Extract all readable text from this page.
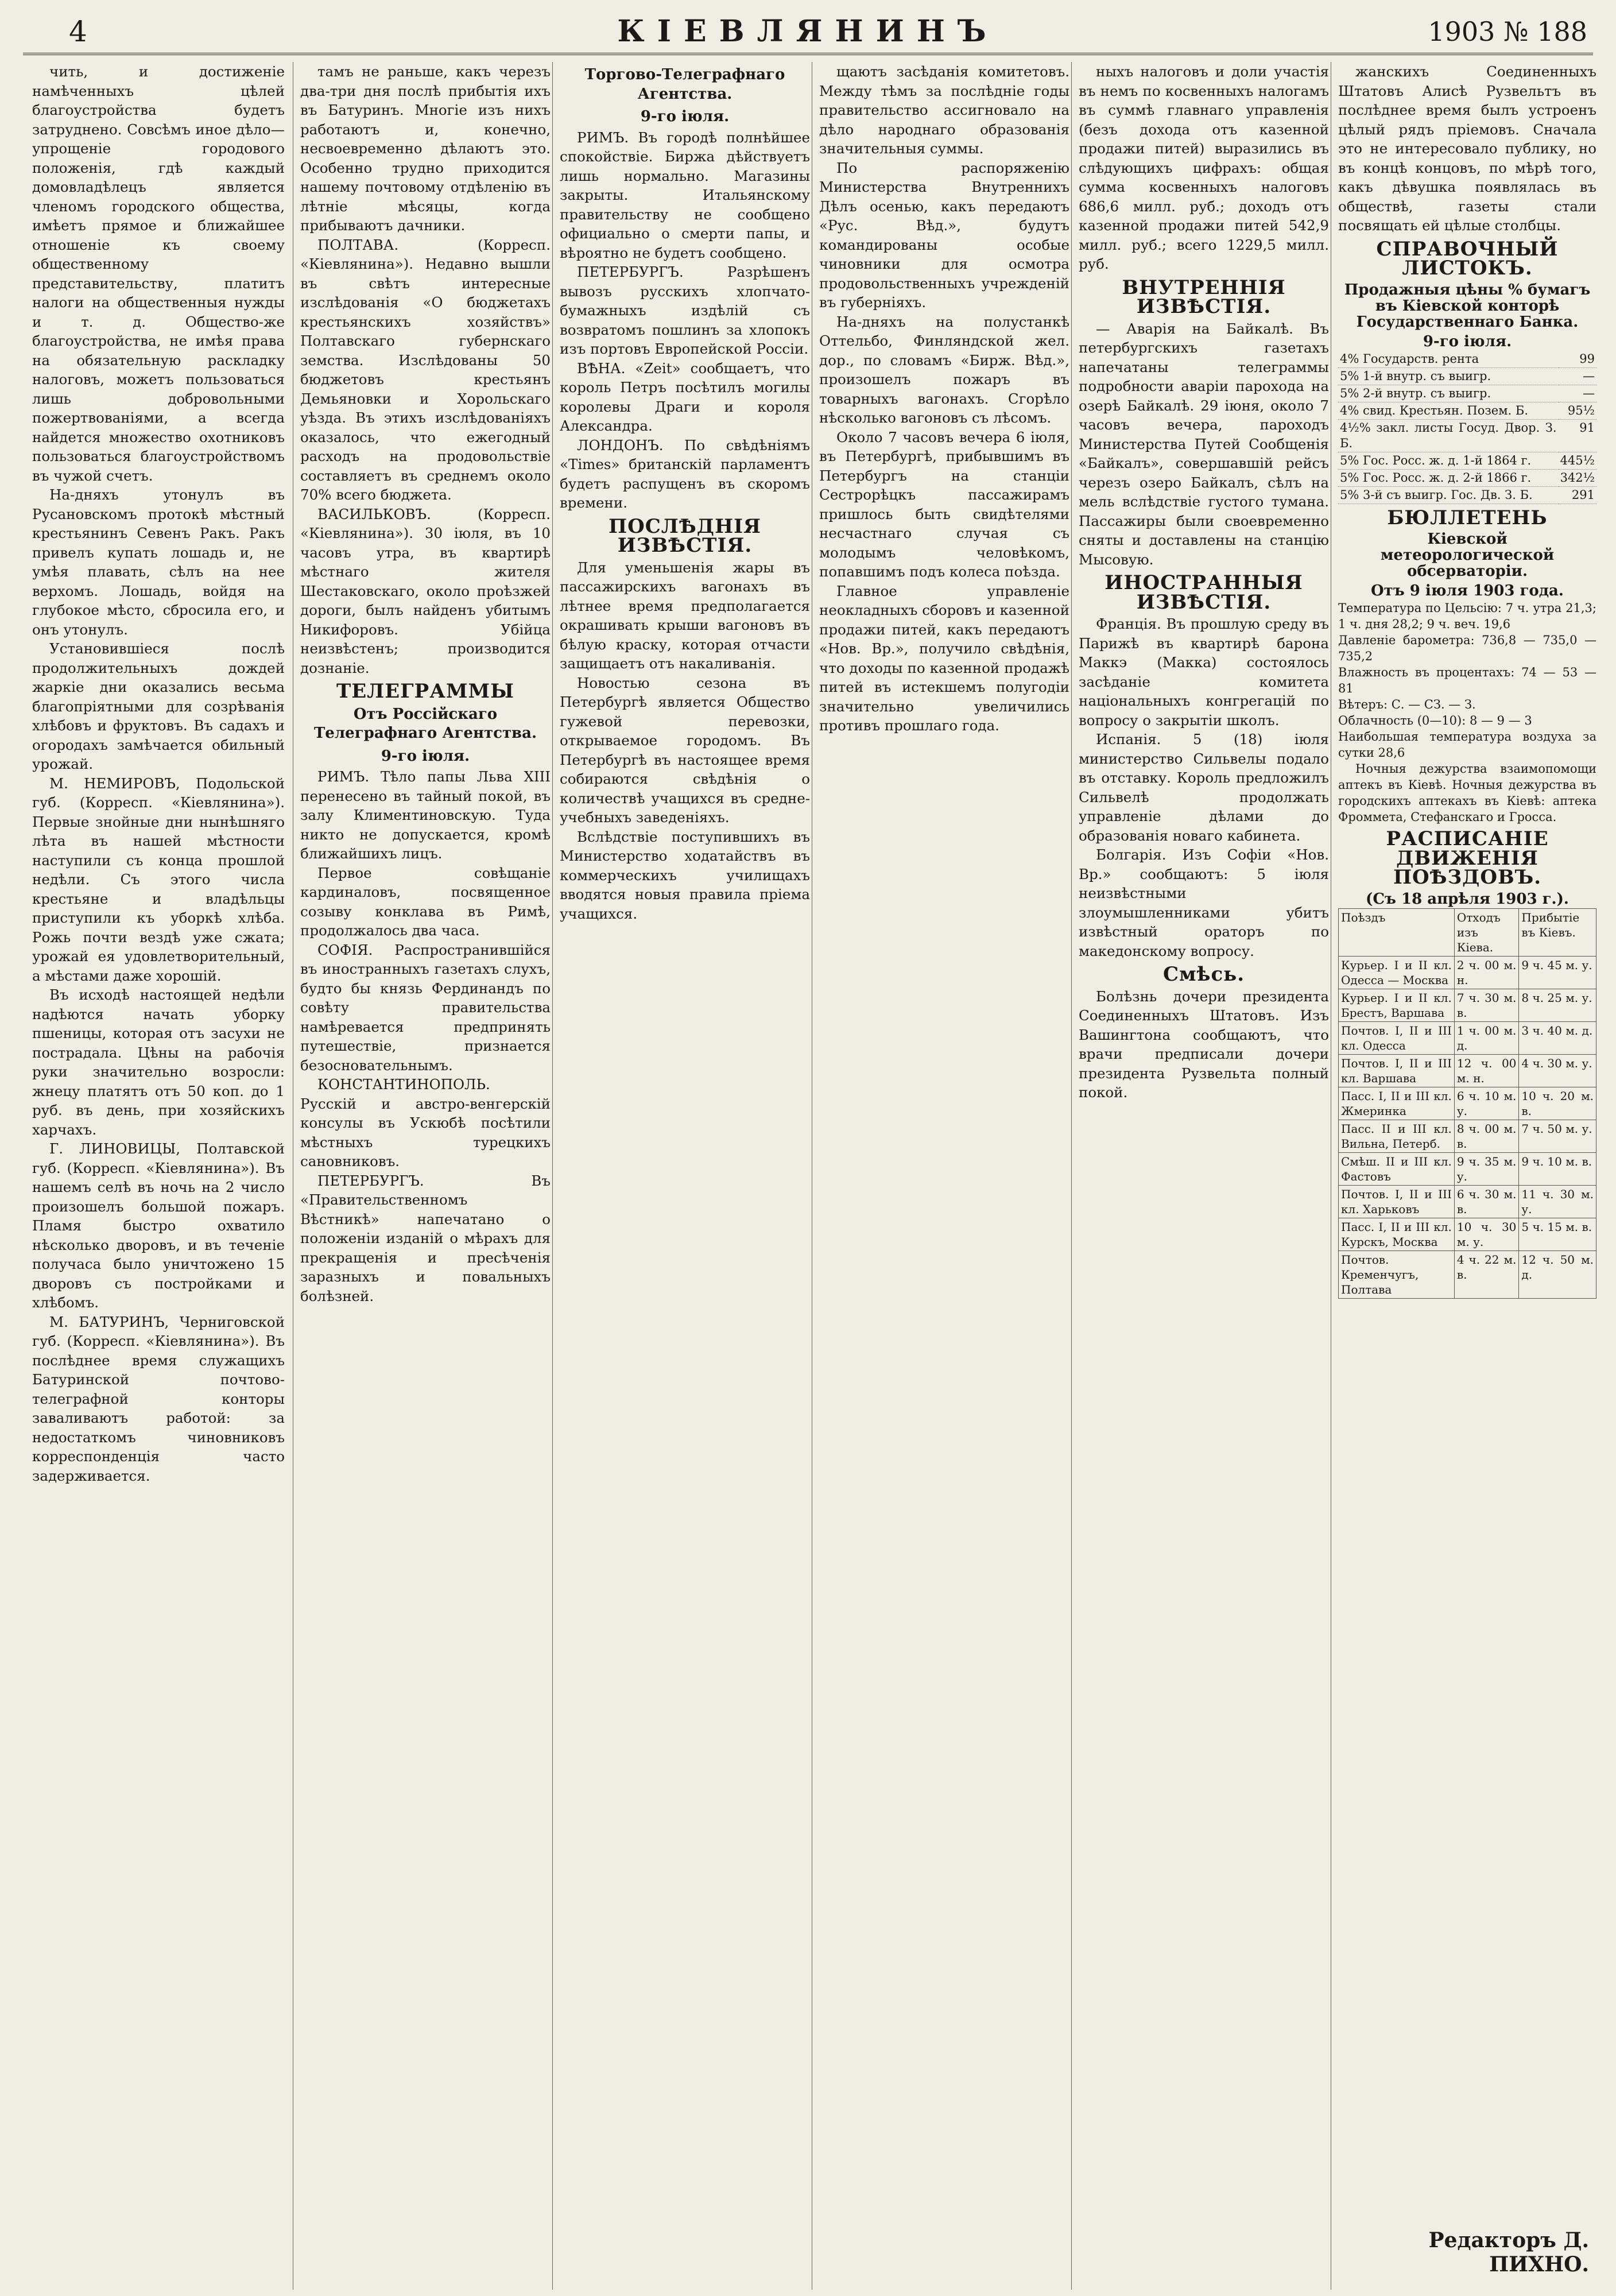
4	КІЕВЛЯНИНЪ	1903 № 188

чить, и достиженіе намѣченныхъ цѣлей благоустройства будетъ затруднено. Совсѣмъ иное дѣло—упрощеніе городового положенія, гдѣ каждый домовладѣлецъ является членомъ городского общества, имѣетъ прямое и ближайшее отношеніе къ своему общественному представительству, платитъ налоги на общественныя нужды и т. д. Общество-же благоустройства, не имѣя права на обязательную раскладку налоговъ, можетъ пользоваться лишь добровольными пожертвованіями, а всегда найдется множество охотниковъ пользоваться благоустройствомъ въ чужой счетъ.

На-дняхъ утонулъ въ Русановскомъ протокѣ мѣстный крестьянинъ Севенъ Ракъ. Ракъ привелъ купать лошадь и, не умѣя плавать, сѣлъ на нее верхомъ. Лошадь, войдя на глубокое мѣсто, сбросила его, и онъ утонулъ.

Установившіеся послѣ продолжительныхъ дождей жаркіе дни оказались весьма благопріятными для созрѣванія хлѣбовъ и фруктовъ. Въ садахъ и огородахъ замѣчается обильный урожай.

М. НЕМИРОВЪ, Подольской губ. (Корресп. «Кіевлянина»). Первые знойные дни нынѣшняго лѣта въ нашей мѣстности наступили съ конца прошлой недѣли. Съ этого числа крестьяне и владѣльцы приступили къ уборкѣ хлѣба. Рожь почти вездѣ уже сжата; урожай ея удовлетворительный, а мѣстами даже хорошій.

Въ исходѣ настоящей недѣли надѣются начать уборку пшеницы, которая отъ засухи не пострадала. Цѣны на рабочія руки значительно возросли: жнецу платятъ отъ 50 коп. до 1 руб. въ день, при хозяйскихъ харчахъ.

Г. ЛИНОВИЦЫ, Полтавской губ. (Корресп. «Кіевлянина»). Въ нашемъ селѣ въ ночь на 2 число произошелъ большой пожаръ. Пламя быстро охватило нѣсколько дворовъ, и въ теченіе получаса было уничтожено 15 дворовъ съ постройками и хлѣбомъ.

М. БАТУРИНЪ, Черниговской губ. (Корресп. «Кіевлянина»). Въ послѣднее время служащихъ Батуринской почтово-телеграфной конторы заваливаютъ работой: за недостаткомъ чиновниковъ корреспонденція часто задерживается.

тамъ не раньше, какъ черезъ два-три дня послѣ прибытія ихъ въ Батуринъ. Многіе изъ нихъ работаютъ и, конечно, несвоевременно дѣлаютъ это. Особенно трудно приходится нашему почтовому отдѣленію въ лѣтніе мѣсяцы, когда прибываютъ дачники.

ПОЛТАВА. (Корресп. «Кіевлянина»). Недавно вышли въ свѣтъ интересные изслѣдованія «О бюджетахъ крестьянскихъ хозяйствъ» Полтавскаго губернскаго земства. Изслѣдованы 50 бюджетовъ крестьянъ Демьяновки и Хорольскаго уѣзда. Въ этихъ изслѣдованіяхъ оказалось, что ежегодный расходъ на продовольствіе составляетъ въ среднемъ около 70% всего бюджета.

ВАСИЛЬКОВЪ. (Корресп. «Кіевлянина»). 30 іюля, въ 10 часовъ утра, въ квартирѣ мѣстнаго жителя Шестаковскаго, около проѣзжей дороги, былъ найденъ убитымъ Никифоровъ. Убійца неизвѣстенъ; производится дознаніе.

ТЕЛЕГРАММЫ
Отъ Россійскаго Телеграфнаго Агентства.
9-го іюля.

РИМЪ. Тѣло папы Льва XIII перенесено въ тайный покой, въ залу Климентиновскую. Туда никто не допускается, кромѣ ближайшихъ лицъ.

Первое совѣщаніе кардиналовъ, посвященное созыву конклава въ Римѣ, продолжалось два часа.

СОФІЯ. Распространившійся въ иностранныхъ газетахъ слухъ, будто бы князь Фердинандъ по совѣту правительства намѣревается предпринять путешествіе, признается безосновательнымъ.

КОНСТАНТИНОПОЛЬ. Русскій и австро-венгерскій консулы въ Ускюбѣ посѣтили мѣстныхъ турецкихъ сановниковъ.

ПЕТЕРБУРГЪ. Въ «Правительственномъ Вѣстникѣ» напечатано о положеніи изданій о мѣрахъ для прекращенія и пресѣченія заразныхъ и повальныхъ болѣзней.

Торгово-Телеграфнаго Агентства.
9-го іюля.

РИМЪ. Въ городѣ полнѣйшее спокойствіе. Биржа дѣйствуетъ лишь нормально. Магазины закрыты. Итальянскому правительству не сообщено официально о смерти папы, и вѣроятно не будетъ сообщено.

ПЕТЕРБУРГЪ. Разрѣшенъ вывозъ русскихъ хлопчато-бумажныхъ издѣлій съ возвратомъ пошлинъ за хлопокъ изъ портовъ Европейской Россіи.

ВѢНА. «Zeit» сообщаетъ, что король Петръ посѣтилъ могилы королевы Драги и короля Александра.

ЛОНДОНЪ. По свѣдѣніямъ «Times» британскій парламентъ будетъ распущенъ въ скоромъ времени.

ПОСЛѢДНІЯ ИЗВѢСТІЯ.

Для уменьшенія жары въ пассажирскихъ вагонахъ въ лѣтнее время предполагается окрашивать крыши вагоновъ въ бѣлую краску, которая отчасти защищаетъ отъ накаливанія.

Новостью сезона въ Петербургѣ является Общество гужевой перевозки, открываемое городомъ. Въ Петербургѣ въ настоящее время собираются свѣдѣнія о количествѣ учащихся въ средне-учебныхъ заведеніяхъ.

Вслѣдствіе поступившихъ въ Министерство ходатайствъ въ коммерческихъ училищахъ вводятся новыя правила пріема учащихся.

щаютъ засѣданія комитетовъ. Между тѣмъ за послѣдніе годы правительство ассигновало на дѣло народнаго образованія значительныя суммы.

По распоряженію Министерства Внутреннихъ Дѣлъ осенью, какъ передаютъ «Рус. Вѣд.», будутъ командированы особые чиновники для осмотра продовольственныхъ учрежденій въ губерніяхъ.

На-дняхъ на полустанкѣ Оттельбо, Финляндской жел. дор., по словамъ «Бирж. Вѣд.», произошелъ пожаръ въ товарныхъ вагонахъ. Сгорѣло нѣсколько вагоновъ съ лѣсомъ.

Около 7 часовъ вечера 6 іюля, въ Петербургѣ, прибывшимъ въ Петербургъ на станціи Сестрорѣцкъ пассажирамъ пришлось быть свидѣтелями несчастнаго случая съ молодымъ человѣкомъ, попавшимъ подъ колеса поѣзда.

Главное управленіе неокладныхъ сборовъ и казенной продажи питей, какъ передаютъ «Нов. Вр.», получило свѣдѣнія, что доходы по казенной продажѣ питей въ истекшемъ полугодіи значительно увеличились противъ прошлаго года.

ныхъ налоговъ и доли участія въ немъ по косвенныхъ налогамъ въ суммѣ главнаго управленія (безъ дохода отъ казенной продажи питей) выразились въ слѣдующихъ цифрахъ: общая сумма косвенныхъ налоговъ 686,6 милл. руб.; доходъ отъ казенной продажи питей 542,9 милл. руб.; всего 1229,5 милл. руб.

ВНУТРЕННІЯ ИЗВѢСТІЯ.

— Аварія на Байкалѣ. Въ петербургскихъ газетахъ напечатаны телеграммы подробности аваріи парохода на озерѣ Байкалѣ. 29 іюня, около 7 часовъ вечера, пароходъ Министерства Путей Сообщенія «Байкалъ», совершавшій рейсъ черезъ озеро Байкалъ, сѣлъ на мель вслѣдствіе густого тумана. Пассажиры были своевременно сняты и доставлены на станцію Мысовую.

ИНОСТРАННЫЯ ИЗВѢСТІЯ.

Франція. Въ прошлую среду въ Парижѣ въ квартирѣ барона Маккэ (Макка) состоялось засѣданіе комитета національныхъ конгрегацій по вопросу о закрытіи школъ.

Испанія. 5 (18) іюля министерство Сильвелы подало въ отставку. Король предложилъ Сильвелѣ продолжать управленіе дѣлами до образованія новаго кабинета.

Болгарія. Изъ Софіи «Нов. Вр.» сообщаютъ: 5 іюля неизвѣстными злоумышленниками убитъ извѣстный ораторъ по македонскому вопросу.

Смѣсь.

Болѣзнь дочери президента Соединенныхъ Штатовъ. Изъ Вашингтона сообщаютъ, что врачи предписали дочери президента Рузвельта полный покой.

жанскихъ Соединенныхъ Штатовъ Алисѣ Рузвельтъ въ послѣднее время былъ устроенъ цѣлый рядъ пріемовъ. Сначала это не интересовало публику, но въ концѣ концовъ, по мѣрѣ того, какъ дѣвушка появлялась въ обществѣ, газеты стали посвящать ей цѣлые столбцы.

СПРАВОЧНЫЙ ЛИСТОКЪ.
Продажныя цѣны % бумагъ въ Кіевской конторѣ Государственнаго Банка.
9-го іюля.
4% Государств. рента	99
5% 1-й внутр. съ выигр.	—
5% 2-й внутр. съ выигр.	—
4% свид. Крестьян. Позем. Б.	95½
4½% закл. листы Госуд. Двор. З. Б.	91
5% Гос. Росс. ж. д. 1-й 1864 г.	445½
5% Гос. Росс. ж. д. 2-й 1866 г.	342½
5% 3-й съ выигр. Гос. Дв. З. Б.	291
БЮЛЛЕТЕНЬ
Кіевской метеорологической обсерваторіи.
Отъ 9 іюля 1903 года.
Температура по Цельсію: 7 ч. утра 21,3; 1 ч. дня 28,2; 9 ч. веч. 19,6
Давленіе барометра: 736,8 — 735,0 — 735,2
Влажность въ процентахъ: 74 — 53 — 81
Вѣтеръ: С. — СЗ. — З.
Облачность (0—10): 8 — 9 — 3
Наибольшая температура воздуха за сутки 28,6

Ночныя дежурства взаимопомощи аптекъ въ Кіевѣ. Ночныя дежурства въ городскихъ аптекахъ въ Кіевѣ: аптека Фроммета, Стефанскаго и Гросса.

РАСПИСАНІЕ ДВИЖЕНІЯ ПОѢЗДОВЪ.
(Съ 18 апрѣля 1903 г.).
Поѣздъ	Отходъ изъ Кіева.	Прибытіе въ Кіевъ.
Курьер. I и II кл. Одесса — Москва	2 ч. 00 м. н.	9 ч. 45 м. у.
Курьер. I и II кл. Брестъ, Варшава	7 ч. 30 м. в.	8 ч. 25 м. у.
Почтов. I, II и III кл. Одесса	1 ч. 00 м. д.	3 ч. 40 м. д.
Почтов. I, II и III кл. Варшава	12 ч. 00 м. н.	4 ч. 30 м. у.
Пасс. I, II и III кл. Жмеринка	6 ч. 10 м. у.	10 ч. 20 м. в.
Пасс. II и III кл. Вильна, Петерб.	8 ч. 00 м. в.	7 ч. 50 м. у.
Смѣш. II и III кл. Фастовъ	9 ч. 35 м. у.	9 ч. 10 м. в.
Почтов. I, II и III кл. Харьковъ	6 ч. 30 м. в.	11 ч. 30 м. у.
Пасс. I, II и III кл. Курскъ, Москва	10 ч. 30 м. у.	5 ч. 15 м. в.
Почтов. Кременчугъ, Полтава	4 ч. 22 м. в.	12 ч. 50 м. д.
Редакторъ Д. ПИХНО.
